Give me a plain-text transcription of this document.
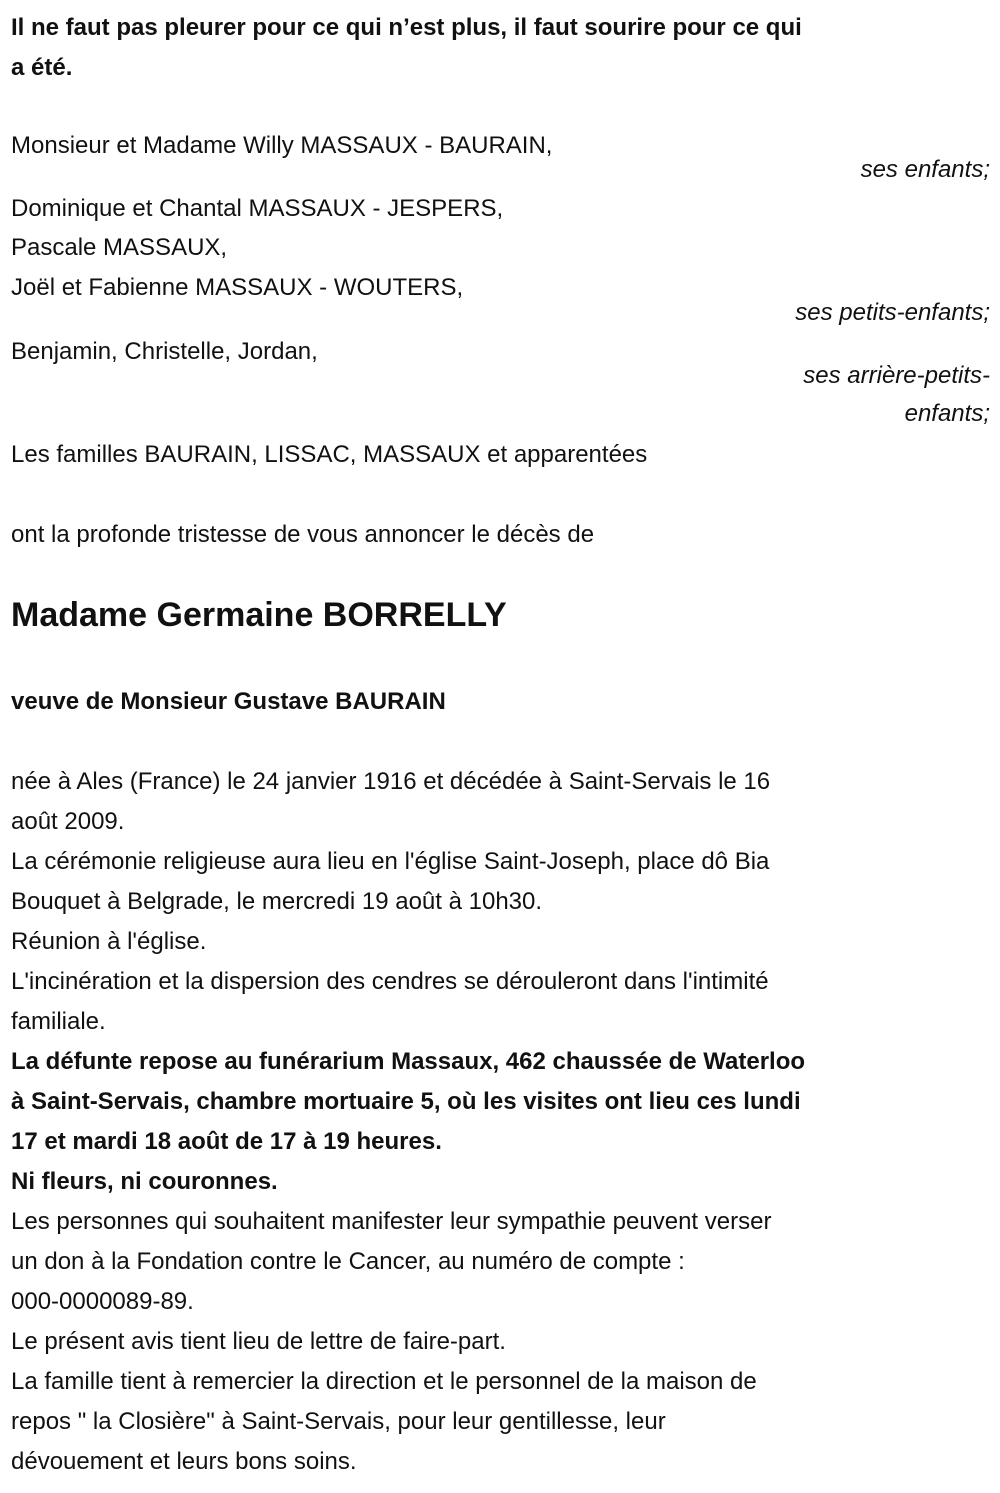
Il ne faut pas pleurer pour ce qui n’est plus, il faut sourire pour ce qui
a été.
Monsieur et Madame Willy MASSAUX - BAURAIN,
ses enfants;
Dominique et Chantal MASSAUX - JESPERS,
Pascale MASSAUX,
Joël et Fabienne MASSAUX - WOUTERS,
ses petits-enfants;
Benjamin, Christelle, Jordan,
ses arrière-petits-
enfants;
Les familles BAURAIN, LISSAC, MASSAUX et apparentées
ont la profonde tristesse de vous annoncer le décès de
Madame Germaine BORRELLY
veuve de Monsieur Gustave BAURAIN
née à Ales (France) le 24 janvier 1916 et décédée à Saint-Servais le 16
août 2009.
La cérémonie religieuse aura lieu en l'église Saint-Joseph, place dô Bia
Bouquet à Belgrade, le mercredi 19 août à 10h30.
Réunion à l'église.
L'incinération et la dispersion des cendres se dérouleront dans l'intimité
familiale.
La défunte repose au funérarium Massaux, 462 chaussée de Waterloo
à Saint-Servais, chambre mortuaire 5, où les visites ont lieu ces lundi
17 et mardi 18 août de 17 à 19 heures.
Ni fleurs, ni couronnes.
Les personnes qui souhaitent manifester leur sympathie peuvent verser
un don à la Fondation contre le Cancer, au numéro de compte :
000-0000089-89.
Le présent avis tient lieu de lettre de faire-part.
La famille tient à remercier la direction et le personnel de la maison de
repos " la Closière" à Saint-Servais, pour leur gentillesse, leur
dévouement et leurs bons soins.
